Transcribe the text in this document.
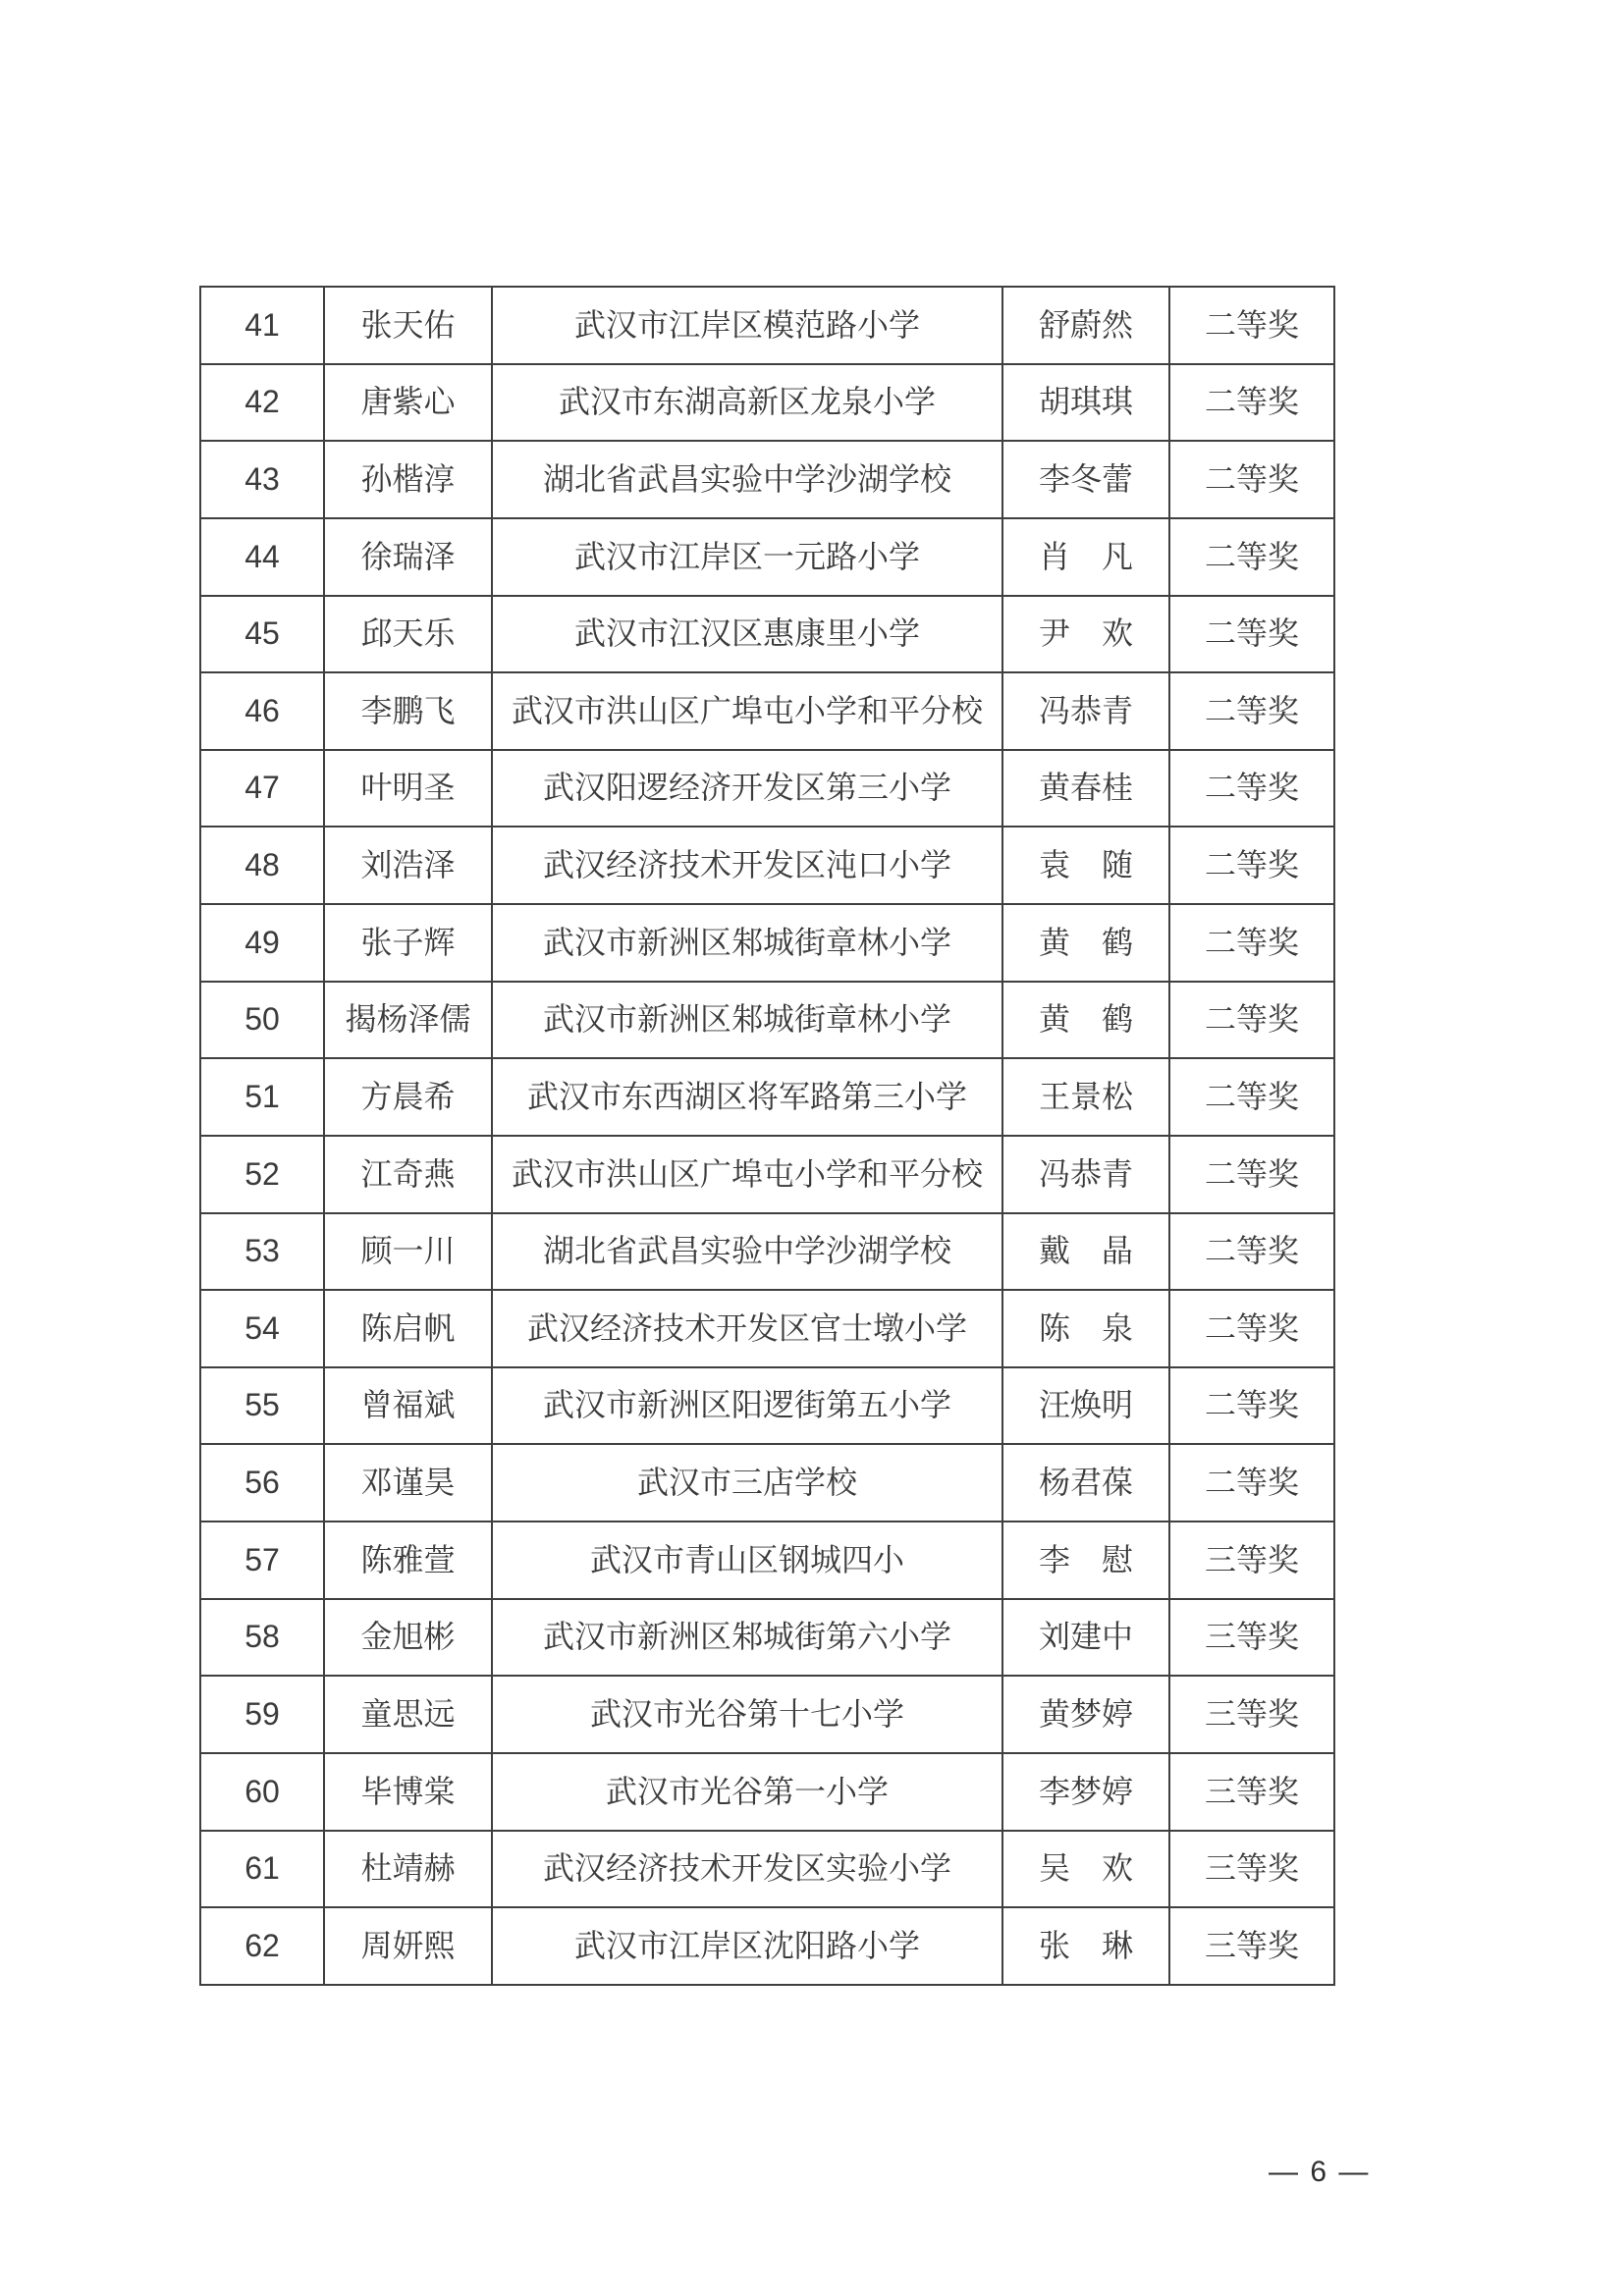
41	张天佑	武汉市江岸区模范路小学	舒蔚然	二等奖
42	唐紫心	武汉市东湖高新区龙泉小学	胡琪琪	二等奖
43	孙楷淳	湖北省武昌实验中学沙湖学校	李冬蕾	二等奖
44	徐瑞泽	武汉市江岸区一元路小学	肖　凡	二等奖
45	邱天乐	武汉市江汉区惠康里小学	尹　欢	二等奖
46	李鹏飞	武汉市洪山区广埠屯小学和平分校	冯恭青	二等奖
47	叶明圣	武汉阳逻经济开发区第三小学	黄春桂	二等奖
48	刘浩泽	武汉经济技术开发区沌口小学	袁　随	二等奖
49	张子辉	武汉市新洲区邾城街章林小学	黄　鹤	二等奖
50	揭杨泽儒	武汉市新洲区邾城街章林小学	黄　鹤	二等奖
51	方晨希	武汉市东西湖区将军路第三小学	王景松	二等奖
52	江奇燕	武汉市洪山区广埠屯小学和平分校	冯恭青	二等奖
53	顾一川	湖北省武昌实验中学沙湖学校	戴　晶	二等奖
54	陈启帆	武汉经济技术开发区官士墩小学	陈　泉	二等奖
55	曾福斌	武汉市新洲区阳逻街第五小学	汪焕明	二等奖
56	邓谨昊	武汉市三店学校	杨君葆	二等奖
57	陈雅萱	武汉市青山区钢城四小	李　慰	三等奖
58	金旭彬	武汉市新洲区邾城街第六小学	刘建中	三等奖
59	童思远	武汉市光谷第十七小学	黄梦婷	三等奖
60	毕博棠	武汉市光谷第一小学	李梦婷	三等奖
61	杜靖赫	武汉经济技术开发区实验小学	吴　欢	三等奖
62	周妍熙	武汉市江岸区沈阳路小学	张　琳	三等奖
— 6 —
